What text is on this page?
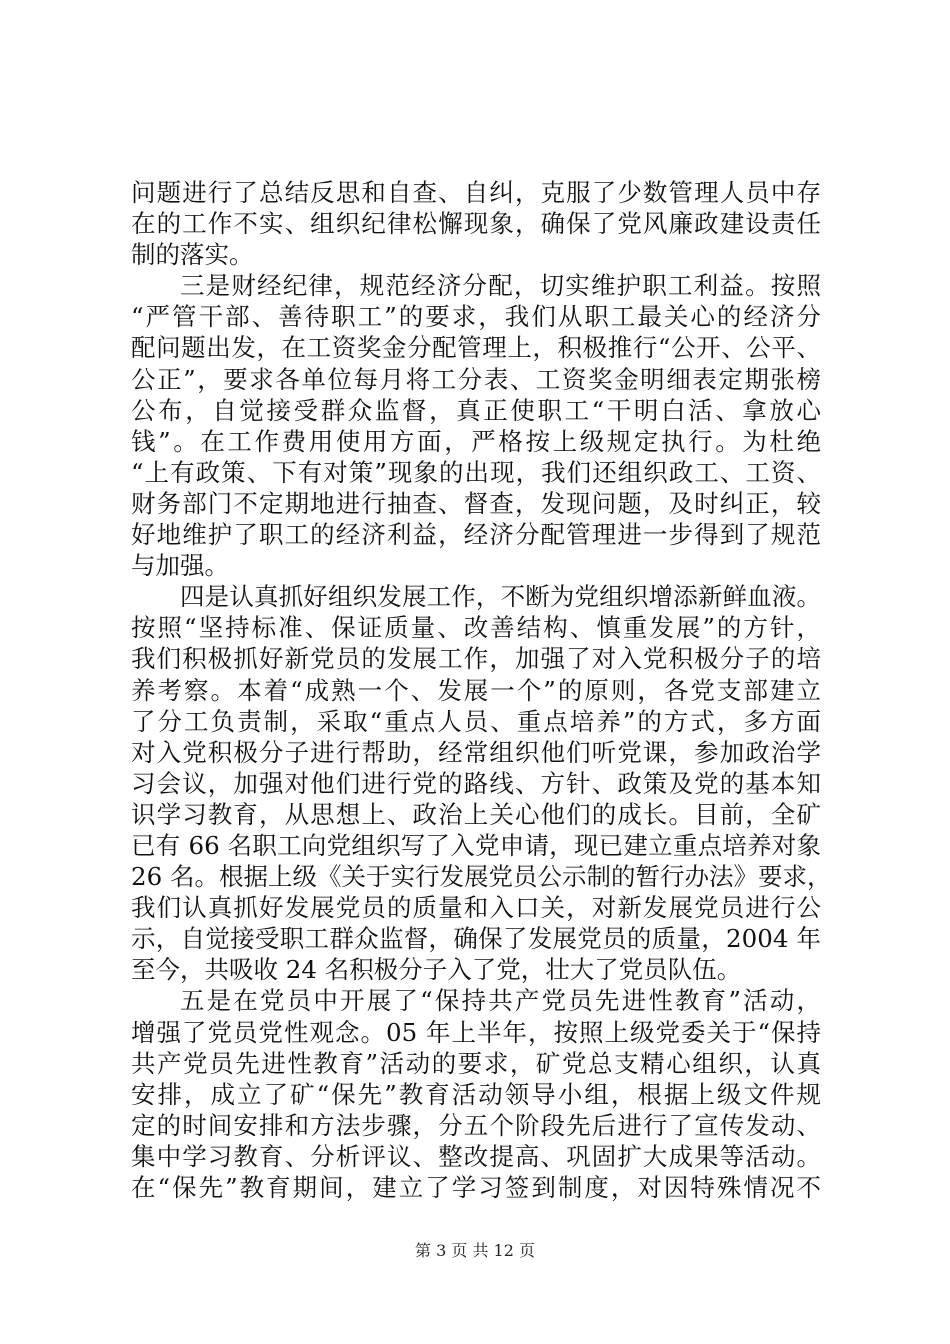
问题进行了总结反思和自查、自纠，克服了少数管理人员中存
在的工作不实、组织纪律松懈现象，确保了党风廉政建设责任
制的落实。
三是财经纪律，规范经济分配，切实维护职工利益。按照
“严管干部、善待职工”的要求，我们从职工最关心的经济分
配问题出发，在工资奖金分配管理上，积极推行“公开、公平、
公正”，要求各单位每月将工分表、工资奖金明细表定期张榜
公布，自觉接受群众监督，真正使职工“干明白活、拿放心
钱”。在工作费用使用方面，严格按上级规定执行。为杜绝
“上有政策、下有对策”现象的出现，我们还组织政工、工资、
财务部门不定期地进行抽查、督查，发现问题，及时纠正，较
好地维护了职工的经济利益，经济分配管理进一步得到了规范
与加强。
四是认真抓好组织发展工作，不断为党组织增添新鲜血液。
按照“坚持标准、保证质量、改善结构、慎重发展”的方针，
我们积极抓好新党员的发展工作，加强了对入党积极分子的培
养考察。本着“成熟一个、发展一个”的原则，各党支部建立
了分工负责制，采取“重点人员、重点培养”的方式，多方面
对入党积极分子进行帮助，经常组织他们听党课，参加政治学
习会议，加强对他们进行党的路线、方针、政策及党的基本知
识学习教育，从思想上、政治上关心他们的成长。目前，全矿
已有 66 名职工向党组织写了入党申请，现已建立重点培养对象
26 名。根据上级《关于实行发展党员公示制的暂行办法》要求，
我们认真抓好发展党员的质量和入口关，对新发展党员进行公
示，自觉接受职工群众监督，确保了发展党员的质量，2004 年
至今，共吸收 24 名积极分子入了党，壮大了党员队伍。
五是在党员中开展了“保持共产党员先进性教育”活动，
增强了党员党性观念。05 年上半年，按照上级党委关于“保持
共产党员先进性教育”活动的要求，矿党总支精心组织，认真
安排，成立了矿“保先”教育活动领导小组，根据上级文件规
定的时间安排和方法步骤，分五个阶段先后进行了宣传发动、
集中学习教育、分析评议、整改提高、巩固扩大成果等活动。
在“保先”教育期间，建立了学习签到制度，对因特殊情况不
第 3 页 共 12 页
